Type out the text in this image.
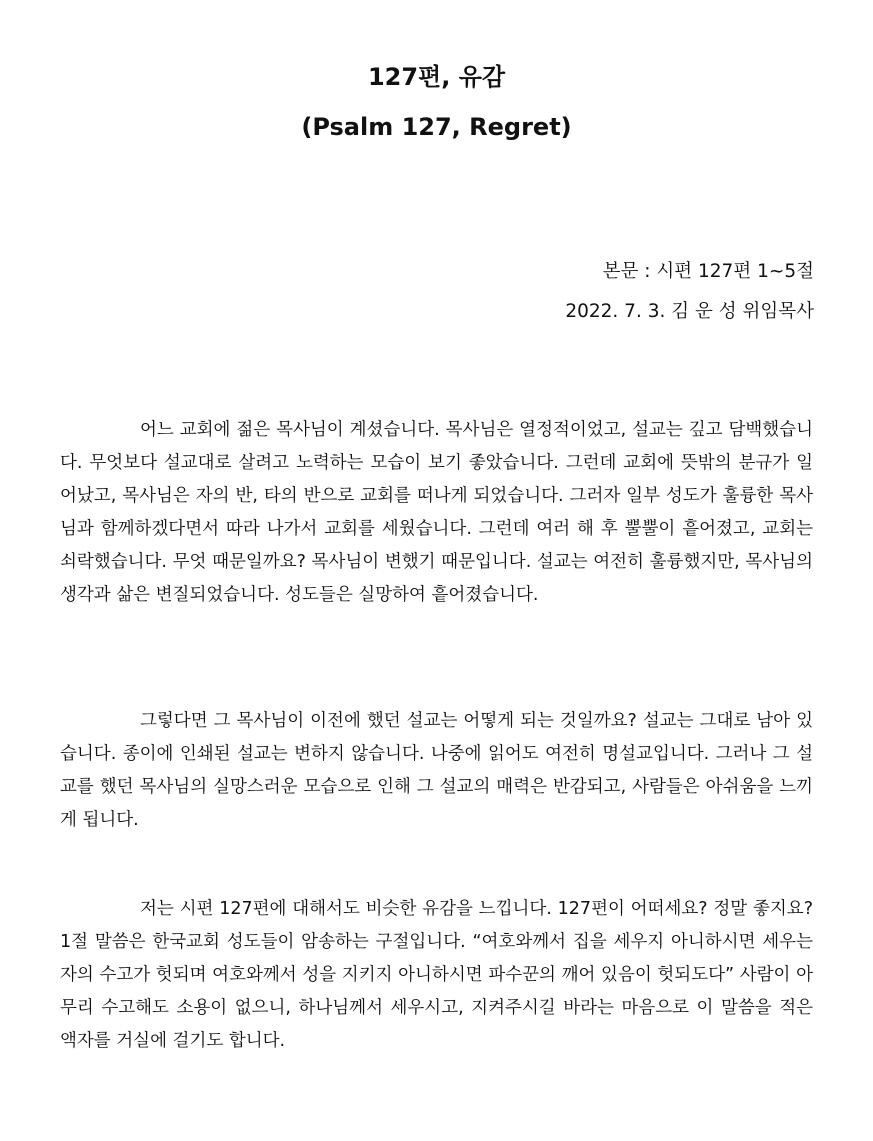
127편, 유감
(Psalm 127, Regret)
본문 : 시편 127편 1~5절
2022. 7. 3. 김 운 성 위임목사

어느 교회에 젊은 목사님이 계셨습니다. 목사님은 열정적이었고, 설교는 깊고 담백했습니다. 무엇보다 설교대로 살려고 노력하는 모습이 보기 좋았습니다. 그런데 교회에 뜻밖의 분규가 일어났고, 목사님은 자의 반, 타의 반으로 교회를 떠나게 되었습니다. 그러자 일부 성도가 훌륭한 목사님과 함께하겠다면서 따라 나가서 교회를 세웠습니다. 그런데 여러 해 후 뿔뿔이 흩어졌고, 교회는 쇠락했습니다. 무엇 때문일까요? 목사님이 변했기 때문입니다. 설교는 여전히 훌륭했지만, 목사님의 생각과 삶은 변질되었습니다. 성도들은 실망하여 흩어졌습니다.

그렇다면 그 목사님이 이전에 했던 설교는 어떻게 되는 것일까요? 설교는 그대로 남아 있습니다. 종이에 인쇄된 설교는 변하지 않습니다. 나중에 읽어도 여전히 명설교입니다. 그러나 그 설교를 했던 목사님의 실망스러운 모습으로 인해 그 설교의 매력은 반감되고, 사람들은 아쉬움을 느끼게 됩니다.

저는 시편 127편에 대해서도 비슷한 유감을 느낍니다. 127편이 어떠세요? 정말 좋지요? 1절 말씀은 한국교회 성도들이 암송하는 구절입니다. “여호와께서 집을 세우지 아니하시면 세우는 자의 수고가 헛되며 여호와께서 성을 지키지 아니하시면 파수꾼의 깨어 있음이 헛되도다” 사람이 아무리 수고해도 소용이 없으니, 하나님께서 세우시고, 지켜주시길 바라는 마음으로 이 말씀을 적은 액자를 거실에 걸기도 합니다.
